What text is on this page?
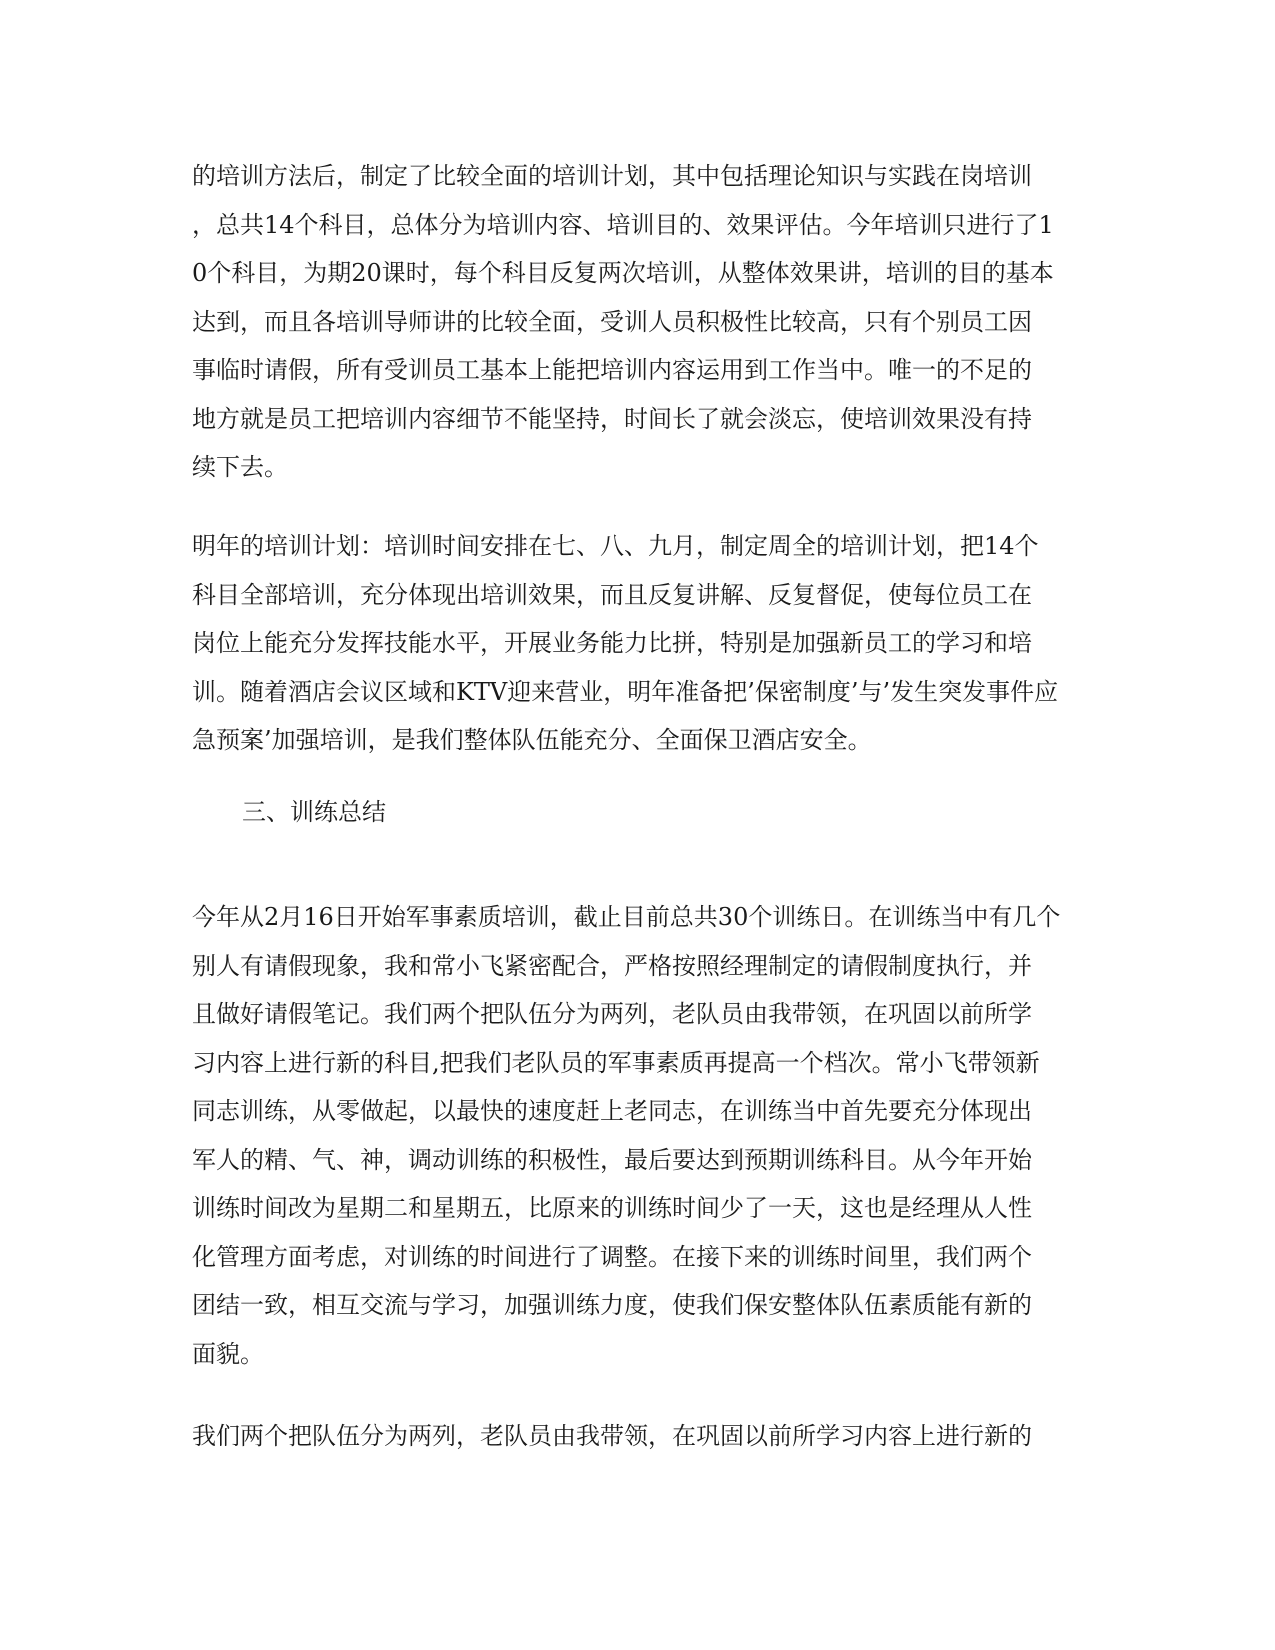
的培训方法后，制定了比较全面的培训计划，其中包括理论知识与实践在岗培训
，总共14个科目，总体分为培训内容、培训目的、效果评估。今年培训只进行了1
0个科目，为期20课时，每个科目反复两次培训，从整体效果讲，培训的目的基本
达到，而且各培训导师讲的比较全面，受训人员积极性比较高，只有个别员工因
事临时请假，所有受训员工基本上能把培训内容运用到工作当中。唯一的不足的
地方就是员工把培训内容细节不能坚持，时间长了就会淡忘，使培训效果没有持
续下去。
明年的培训计划：培训时间安排在七、八、九月，制定周全的培训计划，把14个
科目全部培训，充分体现出培训效果，而且反复讲解、反复督促，使每位员工在
岗位上能充分发挥技能水平，开展业务能力比拼，特别是加强新员工的学习和培
训。随着酒店会议区域和KTV迎来营业，明年准备把’保密制度’与’发生突发事件应
急预案’加强培训，是我们整体队伍能充分、全面保卫酒店安全。
三、训练总结
今年从2月16日开始军事素质培训，截止目前总共30个训练日。在训练当中有几个
别人有请假现象，我和常小飞紧密配合，严格按照经理制定的请假制度执行，并
且做好请假笔记。我们两个把队伍分为两列，老队员由我带领，在巩固以前所学
习内容上进行新的科目,把我们老队员的军事素质再提高一个档次。常小飞带领新
同志训练，从零做起，以最快的速度赶上老同志，在训练当中首先要充分体现出
军人的精、气、神，调动训练的积极性，最后要达到预期训练科目。从今年开始
训练时间改为星期二和星期五，比原来的训练时间少了一天，这也是经理从人性
化管理方面考虑，对训练的时间进行了调整。在接下来的训练时间里，我们两个
团结一致，相互交流与学习，加强训练力度，使我们保安整体队伍素质能有新的
面貌。
我们两个把队伍分为两列，老队员由我带领，在巩固以前所学习内容上进行新的
